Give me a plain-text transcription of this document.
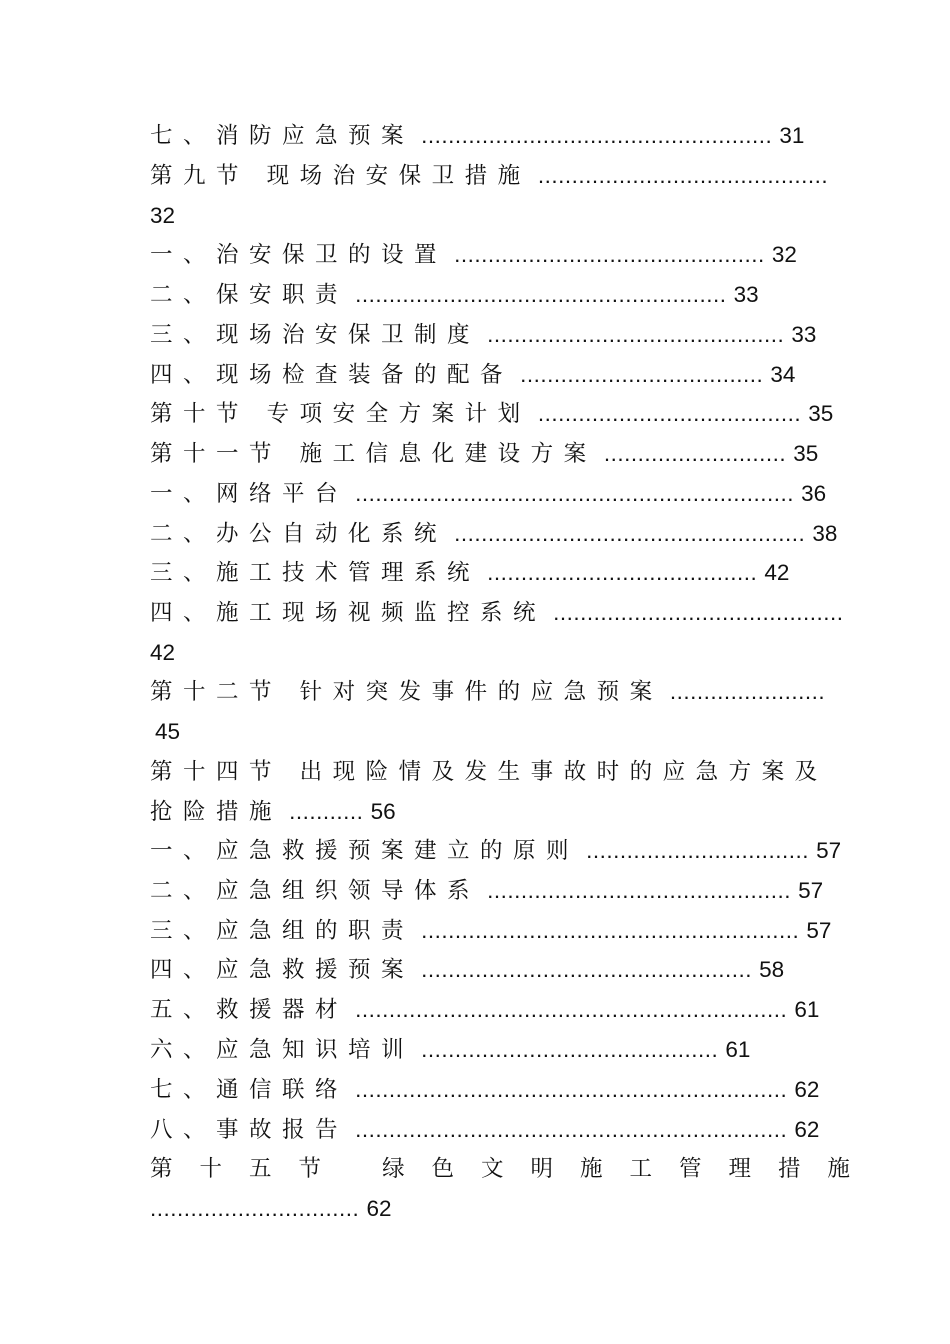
七、消防应急预案 .................................................... 31
第九节 现场治安保卫措施 ...........................................
32
一、治安保卫的设置 .............................................. 32
二、保安职责 ....................................................... 33
三、现场治安保卫制度 ............................................ 33
四、现场检查装备的配备 .................................... 34
第十节 专项安全方案计划 ....................................... 35
第十一节 施工信息化建设方案 ........................... 35
一、网络平台 ................................................................. 36
二、办公自动化系统 .................................................... 38
三、施工技术管理系统 ........................................ 42
四、施工现场视频监控系统 ...........................................
42
第十二节 针对突发事件的应急预案 .......................
45
第十四节 出现险情及发生事故时的应急方案及
抢险措施 ........... 56
一、应急救援预案建立的原则 ................................. 57
二、应急组织领导体系 ............................................. 57
三、应急组的职责 ........................................................ 57
四、应急救援预案 ................................................. 58
五、救援器材 ................................................................ 61
六、应急知识培训 ............................................ 61
七、通信联络 ................................................................ 62
八、事故报告 ................................................................ 62
第 十 五 节
	绿 色 文 明 施 工 管 理 措 施
............................... 62
